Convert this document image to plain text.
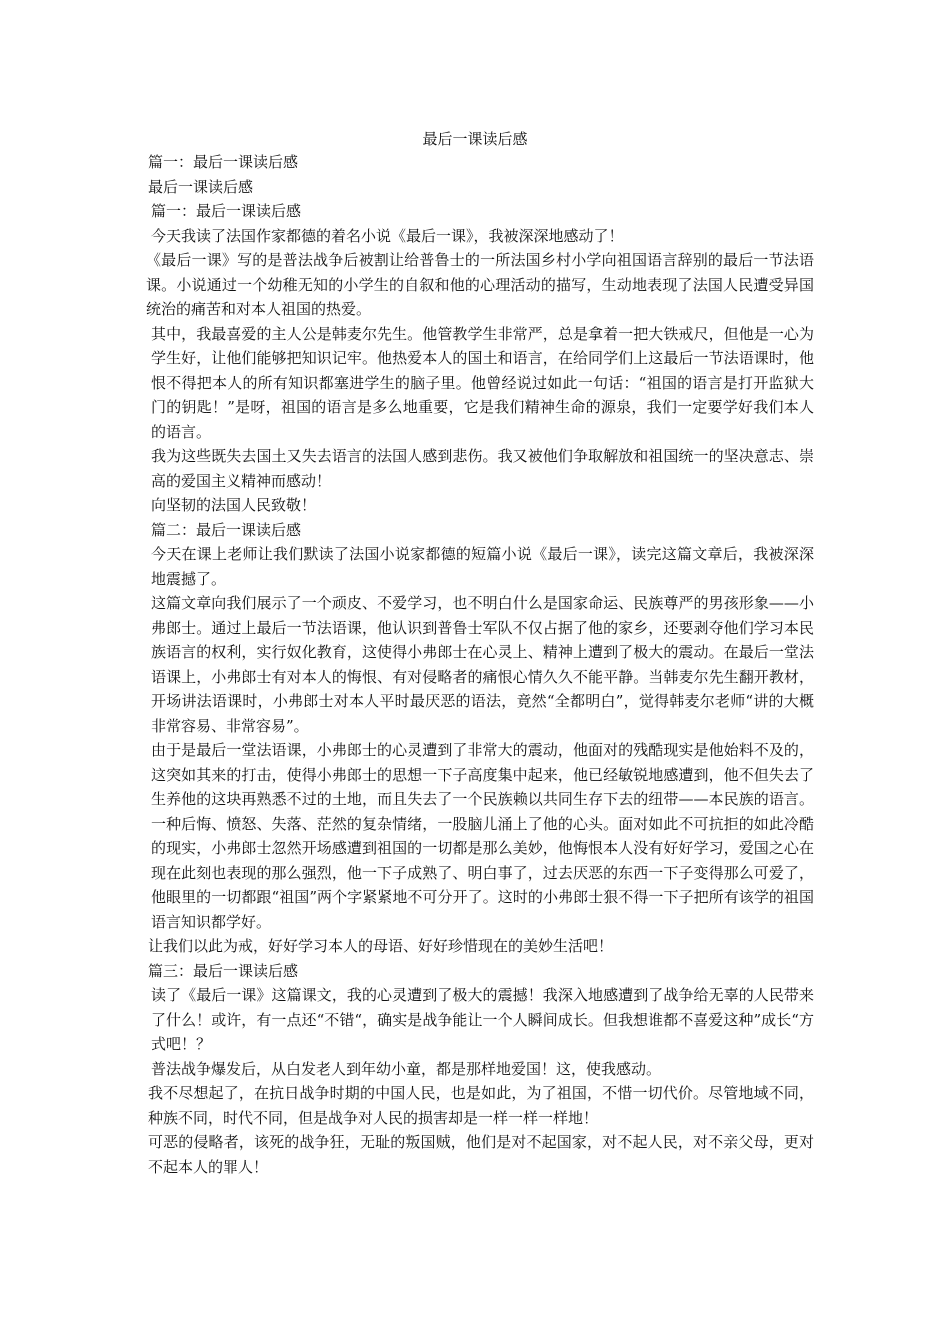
最后一课读后感

篇一：最后一课读后感

最后一课读后感

篇一：最后一课读后感

今天我读了法国作家都德的着名小说《最后一课》，我被深深地感动了！

《最后一课》写的是普法战争后被割让给普鲁士的一所法国乡村小学向祖国语言辞别的最后一节法语课。小说通过一个幼稚无知的小学生的自叙和他的心理活动的描写，生动地表现了法国人民遭受异国统治的痛苦和对本人祖国的热爱。

其中，我最喜爱的主人公是韩麦尔先生。他管教学生非常严，总是拿着一把大铁戒尺，但他是一心为学生好，让他们能够把知识记牢。他热爱本人的国土和语言，在给同学们上这最后一节法语课时，他恨不得把本人的所有知识都塞进学生的脑子里。他曾经说过如此一句话：“祖国的语言是打开监狱大门的钥匙！”是呀，祖国的语言是多么地重要，它是我们精神生命的源泉，我们一定要学好我们本人的语言。

我为这些既失去国土又失去语言的法国人感到悲伤。我又被他们争取解放和祖国统一的坚决意志、崇高的爱国主义精神而感动！

向坚韧的法国人民致敬！

篇二：最后一课读后感

今天在课上老师让我们默读了法国小说家都德的短篇小说《最后一课》，读完这篇文章后，我被深深地震撼了。

这篇文章向我们展示了一个顽皮、不爱学习，也不明白什么是国家命运、民族尊严的男孩形象——小弗郎士。通过上最后一节法语课，他认识到普鲁士军队不仅占据了他的家乡，还要剥夺他们学习本民族语言的权利，实行奴化教育，这使得小弗郎士在心灵上、精神上遭到了极大的震动。在最后一堂法语课上，小弗郎士有对本人的悔恨、有对侵略者的痛恨心情久久不能平静。当韩麦尔先生翻开教材，开场讲法语课时，小弗郎士对本人平时最厌恶的语法，竟然“全都明白”，觉得韩麦尔老师“讲的大概非常容易、非常容易”。

由于是最后一堂法语课，小弗郎士的心灵遭到了非常大的震动，他面对的残酷现实是他始料不及的，这突如其来的打击，使得小弗郎士的思想一下子高度集中起来，他已经敏锐地感遭到，他不但失去了生养他的这块再熟悉不过的土地，而且失去了一个民族赖以共同生存下去的纽带——本民族的语言。一种后悔、愤怒、失落、茫然的复杂情绪，一股脑儿涌上了他的心头。面对如此不可抗拒的如此冷酷的现实，小弗郎士忽然开场感遭到祖国的一切都是那么美妙，他悔恨本人没有好好学习，爱国之心在现在此刻也表现的那么强烈，他一下子成熟了、明白事了，过去厌恶的东西一下子变得那么可爱了，他眼里的一切都跟“祖国”两个字紧紧地不可分开了。这时的小弗郎士狠不得一下子把所有该学的祖国语言知识都学好。

让我们以此为戒，好好学习本人的母语、好好珍惜现在的美妙生活吧！

篇三：最后一课读后感

读了《最后一课》这篇课文，我的心灵遭到了极大的震撼！我深入地感遭到了战争给无辜的人民带来了什么！或许，有一点还“不错“，确实是战争能让一个人瞬间成长。但我想谁都不喜爱这种”成长“方式吧！？

普法战争爆发后，从白发老人到年幼小童，都是那样地爱国！这，使我感动。

我不尽想起了，在抗日战争时期的中国人民，也是如此，为了祖国，不惜一切代价。尽管地域不同，种族不同，时代不同，但是战争对人民的损害却是一样一样一样地！

可恶的侵略者，该死的战争狂，无耻的叛国贼，他们是对不起国家，对不起人民，对不亲父母，更对不起本人的罪人！
